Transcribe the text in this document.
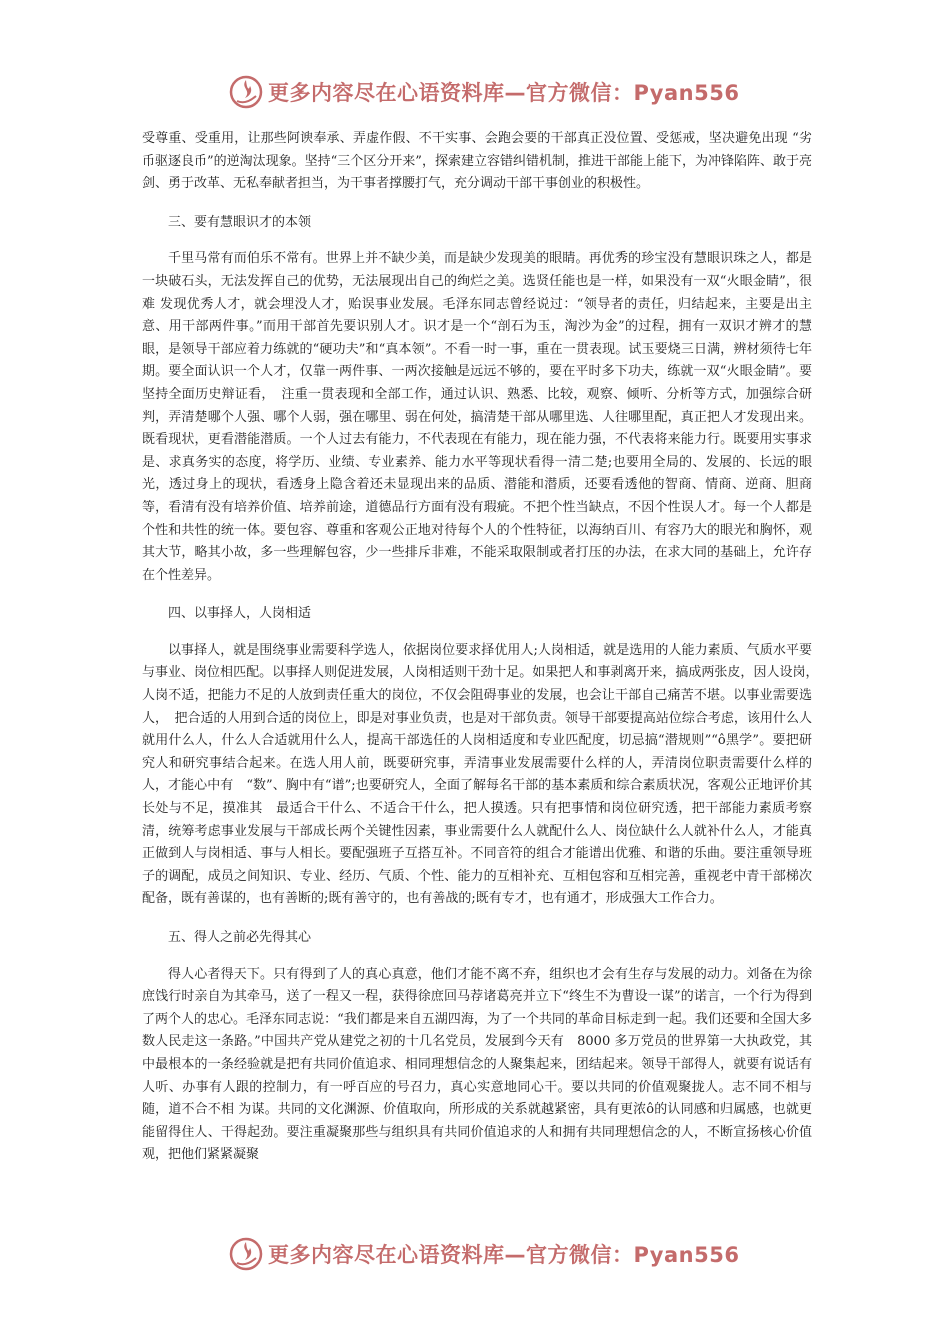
更多内容尽在心语资料库—官方微信：Pyan556

受尊重、受重用，让那些阿谀奉承、弄虚作假、不干实事、会跑会要的干部真正没位置、受惩戒，坚决避免出现 “劣币驱逐良币”的逆淘汰现象。坚持“三个区分开来”，探索建立容错纠错机制，推进干部能上能下，为冲锋陷阵、敢于亮剑、勇于改革、无私奉献者担当，为干事者撑腰打气，充分调动干部干事创业的积极性。

三、要有慧眼识才的本领

千里马常有而伯乐不常有。世界上并不缺少美，而是缺少发现美的眼睛。再优秀的珍宝没有慧眼识珠之人，都是 一块破石头，无法发挥自己的优势，无法展现出自己的绚烂之美。选贤任能也是一样，如果没有一双“火眼金睛”，很难 发现优秀人才，就会埋没人才，贻误事业发展。毛泽东同志曾经说过：“领导者的责任，归结起来，主要是出主意、用干部两件事。”而用干部首先要识别人才。识才是一个“剖石为玉，淘沙为金”的过程，拥有一双识才辨才的慧眼，是领导干部应着力练就的“硬功夫”和“真本领”。不看一时一事，重在一贯表现。试玉要烧三日满，辨材须待七年期。要全面认识一个人才，仅靠一两件事、一两次接触是远远不够的，要在平时多下功夫，练就一双“火眼金睛”。要坚持全面历史辩证看，　注重一贯表现和全部工作，通过认识、熟悉、比较，观察、倾听、分析等方式，加强综合研判，弄清楚哪个人强、哪个人弱，强在哪里、弱在何处，搞清楚干部从哪里选、人往哪里配，真正把人才发现出来。既看现状，更看潜能潜质。一个人过去有能力，不代表现在有能力，现在能力强，不代表将来能力行。既要用实事求是、求真务实的态度，将学历、业绩、专业素养、能力水平等现状看得一清二楚;也要用全局的、发展的、长远的眼光，透过身上的现状，看透身上隐含着还未显现出来的品质、潜能和潜质，还要看透他的智商、情商、逆商、胆商等，看清有没有培养价值、培养前途，道德品行方面有没有瑕疵。不把个性当缺点，不因个性误人才。每一个人都是个性和共性的统一体。要包容、尊重和客观公正地对待每个人的个性特征，以海纳百川、有容乃大的眼光和胸怀，观其大节，略其小故，多一些理解包容，少一些排斥非难，不能采取限制或者打压的办法，在求大同的基础上，允许存在个性差异。

四、以事择人，人岗相适

以事择人，就是围绕事业需要科学选人，依据岗位要求择优用人;人岗相适，就是选用的人能力素质、气质水平要与事业、岗位相匹配。以事择人则促进发展，人岗相适则干劲十足。如果把人和事剥离开来，搞成两张皮，因人设岗，　人岗不适，把能力不足的人放到责任重大的岗位，不仅会阻碍事业的发展，也会让干部自己痛苦不堪。以事业需要选人，　把合适的人用到合适的岗位上，即是对事业负责，也是对干部负责。领导干部要提高站位综合考虑，该用什么人就用什么人，什么人合适就用什么人，提高干部选任的人岗相适度和专业匹配度，切忌搞“潜规则”“ô黑学”。要把研究人和研究事结合起来。在选人用人前，既要研究事，弄清事业发展需要什么样的人，弄清岗位职责需要什么样的人，才能心中有　“数”、胸中有“谱”;也要研究人，全面了解每名干部的基本素质和综合素质状况，客观公正地评价其长处与不足，摸准其　最适合干什么、不适合干什么，把人摸透。只有把事情和岗位研究透，把干部能力素质考察清，统筹考虑事业发展与干部成长两个关键性因素，事业需要什么人就配什么人、岗位缺什么人就补什么人，才能真正做到人与岗相适、事与人相长。要配强班子互搭互补。不同音符的组合才能谱出优雅、和谐的乐曲。要注重领导班子的调配，成员之间知识、专业、经历、气质、个性、能力的互相补充、互相包容和互相完善，重视老中青干部梯次配备，既有善谋的，也有善断的;既有善守的，也有善战的;既有专才，也有通才，形成强大工作合力。

五、得人之前必先得其心

得人心者得天下。只有得到了人的真心真意，他们才能不离不弃，组织也才会有生存与发展的动力。刘备在为徐庶饯行时亲自为其牵马，送了一程又一程，获得徐庶回马荐诸葛亮并立下“终生不为曹设一谋”的诺言，一个行为得到了两个人的忠心。毛泽东同志说：“我们都是来自五湖四海，为了一个共同的革命目标走到一起。我们还要和全国大多数人民走这一条路。”中国共产党从建党之初的十几名党员，发展到今天有　8000 多万党员的世界第一大执政党，其中最根本的一条经验就是把有共同价值追求、相同理想信念的人聚集起来，团结起来。领导干部得人，就要有说话有人听、办事有人跟的控制力，有一呼百应的号召力，真心实意地同心干。要以共同的价值观聚拢人。志不同不相与随，道不合不相 为谋。共同的文化渊源、价值取向，所形成的关系就越紧密，具有更浓ô的认同感和归属感，也就更能留得住人、干得起劲。要注重凝聚那些与组织具有共同价值追求的人和拥有共同理想信念的人，不断宣扬核心价值观，把他们紧紧凝聚

更多内容尽在心语资料库—官方微信：Pyan556
